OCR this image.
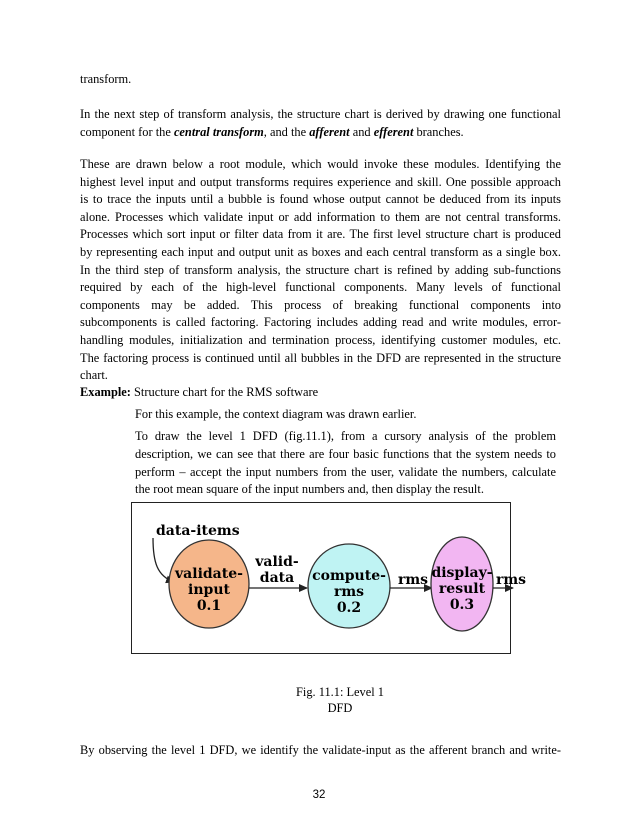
transform.
In the next step of transform analysis, the structure chart is derived by drawing one functional
component for the central transform, and the afferent and efferent branches.
These are drawn below a root module, which would invoke these modules. Identifying the
highest level input and output transforms requires experience and skill. One possible approach
is to trace the inputs until a bubble is found whose output cannot be deduced from its inputs
alone. Processes which validate input or add information to them are not central transforms.
Processes which sort input or filter data from it are. The first level structure chart is produced
by representing each input and output unit as boxes and each central transform as a single box.
In the third step of transform analysis, the structure chart is refined by adding sub-functions
required by each of the high-level functional components. Many levels of functional
components may be added. This process of breaking functional components into
subcomponents is called factoring. Factoring includes adding read and write modules, error-
handling modules, initialization and termination process, identifying customer modules, etc.
The factoring process is continued until all bubbles in the DFD are represented in the structure
chart.
Example: Structure chart for the RMS software
For this example, the context diagram was drawn earlier.
To draw the level 1 DFD (fig.11.1), from a cursory analysis of the problem
description, we can see that there are four basic functions that the system needs to
perform – accept the input numbers from the user, validate the numbers, calculate
the root mean square of the input numbers and, then display the result.
data-items
validate-
input
0.1
valid-
data compute-
rms
0.2
rms display-
result
0.3
rms
Fig. 11.1: Level 1
DFD
By observing the level 1 DFD, we identify the validate-input as the afferent branch and write-
32
